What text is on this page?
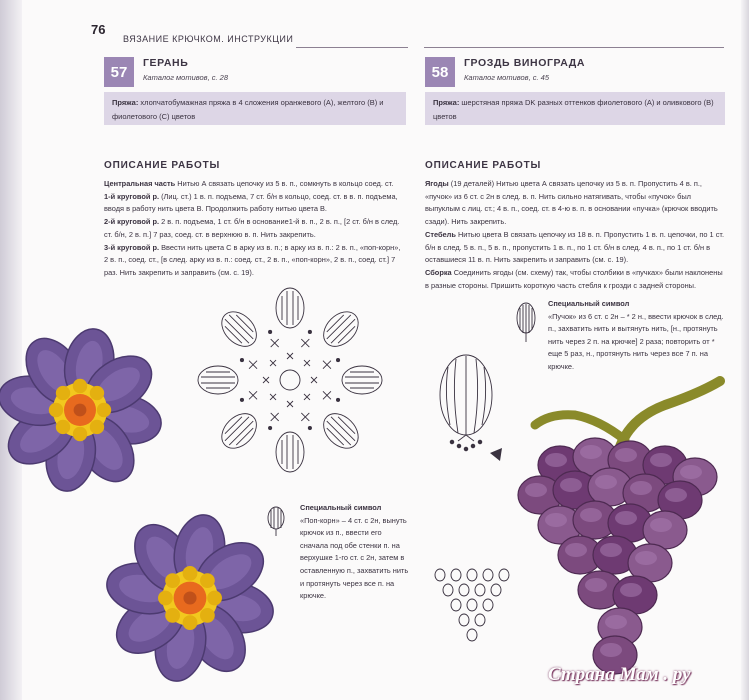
76
ВЯЗАНИЕ КРЮЧКОМ. ИНСТРУКЦИИ
57
ГЕРАНЬ
Каталог мотивов, с. 28
Пряжа: хлопчатобумажная пряжа в 4 сложения оранжевого (А), желтого (В) и фиолетового (С) цветов
ОПИСАНИЕ РАБОТЫ

Центральная часть Нитью А связать цепочку из 5 в. п., сомкнуть в кольцо соед. ст.

1-й круговой р. (Лиц. ст.) 1 в. п. подъема, 7 ст. б/н в кольцо, соед. ст. в в. п. подъема, вводя в работу нить цвета В. Продолжить работу нитью цвета В.

2-й круговой р. 2 в. п. подъема, 1 ст. б/н в основание1-й в. п., 2 в. п., [2 ст. б/н в след. ст. б/н, 2 в. п.] 7 раз, соед. ст. в верхнюю в. п. Нить закрепить.

3-й круговой р. Ввести нить цвета С в арку из в. п.; в арку из в. п.: 2 в. п., «поп-корн», 2 в. п., соед. ст., [в след. арку из в. п.: соед. ст., 2 в. п., «поп-корн», 2 в. п., соед. ст.] 7 раз. Нить закрепить и заправить (см. с. 19).

Специальный символ
«Поп-корн» – 4 ст. с 2н, вынуть крючок из п., ввести его сначала под обе стенки п. на верхушке 1-го ст. с 2н, затем в оставленную п., захватить нить и протянуть через все п. на крючке.
58
ГРОЗДЬ ВИНОГРАДА
Каталог мотивов, с. 45
Пряжа: шерстяная пряжа DK разных оттенков фиолетового (А) и оливкового (В) цветов
ОПИСАНИЕ РАБОТЫ

Ягоды (19 деталей) Нитью цвета А связать цепочку из 5 в. п. Пропустить 4 в. п., «пучок» из 6 ст. с 2н в след. в. п. Нить сильно натягивать, чтобы «пучок» был выпуклым с лиц. ст.; 4 в. п., соед. ст. в 4-ю в. п. в основании «пучка» (крючок вводить сзади). Нить закрепить.

Стебель Нитью цвета В связать цепочку из 18 в. п. Пропустить 1 в. п. цепочки, по 1 ст. б/н в след. 5 в. п., 5 в. п., пропустить 1 в. п., по 1 ст. б/н в след. 4 в. п., по 1 ст. б/н в оставшиеся 11 в. п. Нить закрепить и заправить (см. с. 19).

Сборка Соединить ягоды (см. схему) так, чтобы столбики в «пучках» были наклонены в разные стороны. Пришить короткую часть стебля к грозди с задней стороны.

Специальный символ
«Пучок» из 6 ст. с 2н – * 2 н., ввести крючок в след. п., захватить нить и вытянуть нить, [н., протянуть нить через 2 п. на крючке] 2 раза; повторить от * еще 5 раз, н., протянуть нить через все 7 п. на крючке.
Страна Мам . ру
